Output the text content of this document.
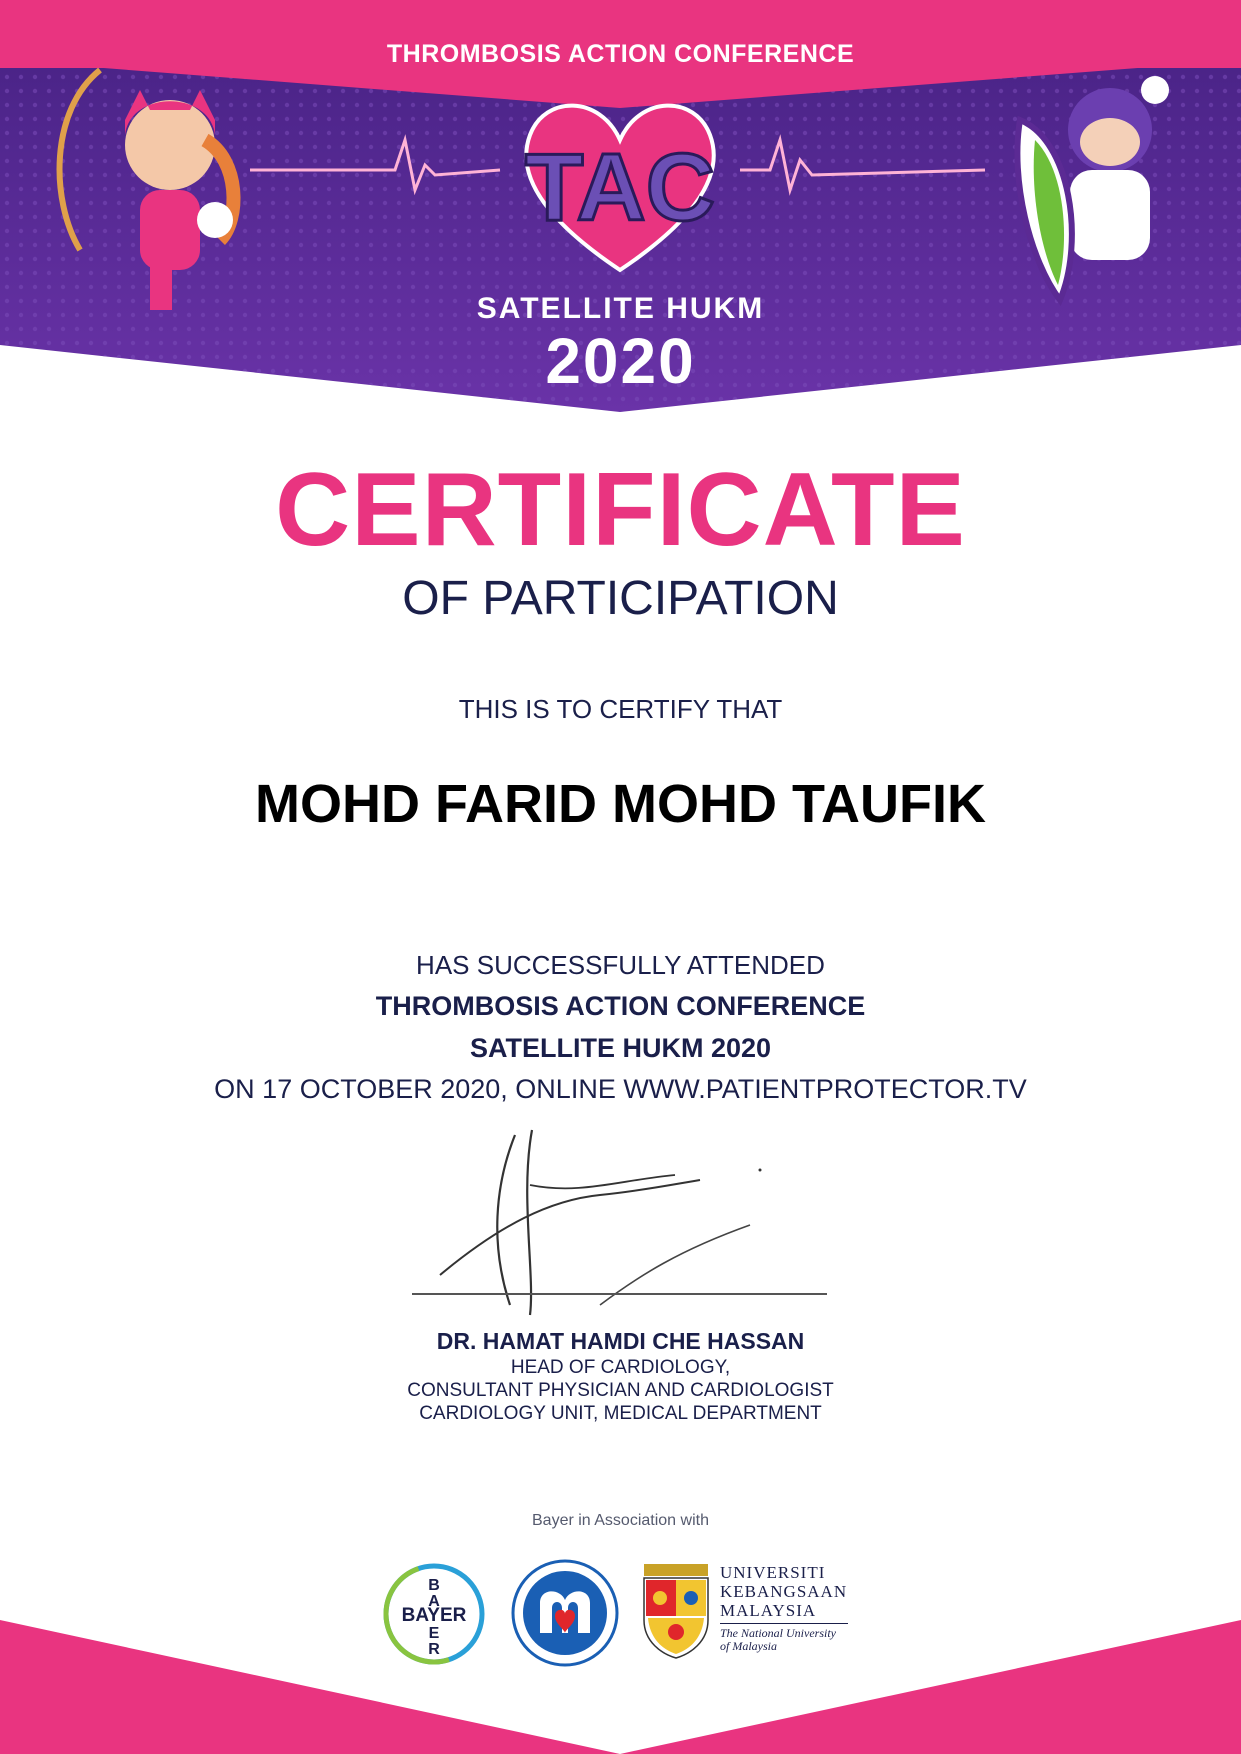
THROMBOSIS ACTION CONFERENCE
TAC
SATELLITE HUKM
2020
CERTIFICATE
OF PARTICIPATION
THIS IS TO CERTIFY THAT
MOHD FARID MOHD TAUFIK
HAS SUCCESSFULLY ATTENDED
THROMBOSIS ACTION CONFERENCE
SATELLITE HUKM 2020
ON 17 OCTOBER 2020, ONLINE WWW.PATIENTPROTECTOR.TV
DR. HAMAT HAMDI CHE HASSAN
HEAD OF CARDIOLOGY,
CONSULTANT PHYSICIAN AND CARDIOLOGIST
CARDIOLOGY UNIT, MEDICAL DEPARTMENT
Bayer in Association with
BAYER
B
A
E
R
UNIVERSITI
KEBANGSAAN
MALAYSIA
The National University
of Malaysia
